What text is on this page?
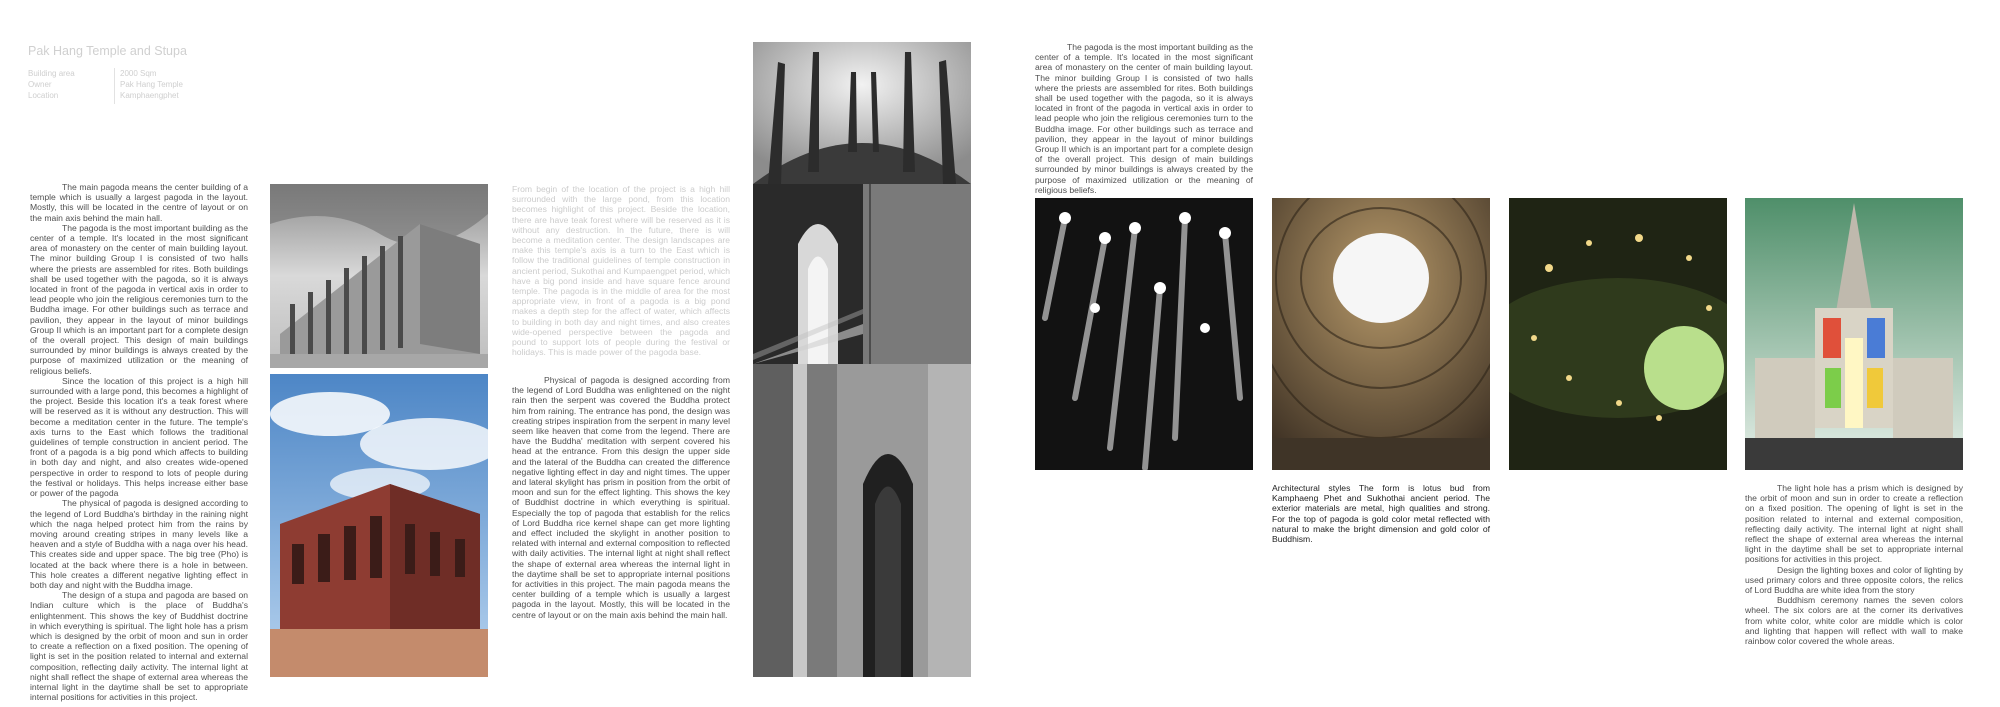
Pak Hang Temple and Stupa
Building area
Owner
Location
2000 Sqm
Pak Hang Temple
Kamphaengphet

The main pagoda means the center building of a temple which is usually a largest pagoda in the layout. Mostly, this will be located in the centre of layout or on the main axis behind the main hall.

The pagoda is the most important building as the center of a temple. It's located in the most significant area of monastery on the center of main building layout. The minor building Group I is consisted of two halls where the priests are assembled for rites. Both buildings shall be used together with the pagoda, so it is always located in front of the pagoda in vertical axis in order to lead people who join the religious ceremonies turn to the Buddha image. For other buildings such as terrace and pavilion, they appear in the layout of minor buildings Group II which is an important part for a complete design of the overall project. This design of main buildings surrounded by minor buildings is always created by the purpose of maximized utilization or the meaning of religious beliefs.

Since the location of this project is a high hill surrounded with a large pond, this becomes a highlight of the project. Beside this location it's a teak forest where will be reserved as it is without any destruction. This will become a meditation center in the future. The temple's axis turns to the East which follows the traditional guidelines of temple construction in ancient period. The front of a pagoda is a big pond which affects to building in both day and night, and also creates wide-opened perspective in order to respond to lots of people during the festival or holidays. This helps increase either base or power of the pagoda

The physical of pagoda is designed according to the legend of Lord Buddha's birthday in the raining night which the naga helped protect him from the rains by moving around creating stripes in many levels like a heaven and a style of Buddha with a naga over his head. This creates side and upper space. The big tree (Pho) is located at the back where there is a hole in between. This hole creates a different negative lighting effect in both day and night with the Buddha image.

The design of a stupa and pagoda are based on Indian culture which is the place of Buddha's enlightenment. This shows the key of Buddhist doctrine in which everything is spiritual. The light hole has a prism which is designed by the orbit of moon and sun in order to create a reflection on a fixed position. The opening of light is set in the position related to internal and external composition, reflecting daily activity. The internal light at night shall reflect the shape of external area whereas the internal light in the daytime shall be set to appropriate internal positions for activities in this project.

From begin of the location of the project is a high hill surrounded with the large pond, from this location becomes highlight of this project. Beside the location, there are have teak forest where will be reserved as it is without any destruction. In the future, there is will become a meditation center. The design landscapes are make this temple's axis is a turn to the East which is follow the traditional guidelines of temple construction in ancient period, Sukothai and Kumpaengpet period, which have a big pond inside and have square fence around temple. The pagoda is in the middle of area for the most appropriate view, in front of a pagoda is a big pond makes a depth step for the affect of water, which affects to building in both day and night times, and also creates wide-opened perspective between the pagoda and pound to support lots of people during the festival or holidays. This is made power of the pagoda base.

Physical of pagoda is designed according from the legend of Lord Buddha was enlightened on the night rain then the serpent was covered the Buddha protect him from raining. The entrance has pond, the design was creating stripes inspiration from the serpent in many level seem like heaven that come from the legend. There are have the Buddha' meditation with serpent covered his head at the entrance. From this design the upper side and the lateral of the Buddha can created the difference negative lighting effect in day and night times. The upper and lateral skylight has prism in position from the orbit of moon and sun for the effect lighting. This shows the key of Buddhist doctrine in which everything is spiritual. Especially the top of pagoda that establish for the relics of Lord Buddha rice kernel shape can get more lighting and effect included the skylight in another position to related with internal and external composition to reflected with daily activities. The internal light at night shall reflect the shape of external area whereas the internal light in the daytime shall be set to appropriate internal positions for activities in this project. The main pagoda means the center building of a temple which is usually a largest pagoda in the layout. Mostly, this will be located in the centre of layout or on the main axis behind the main hall.

The pagoda is the most important building as the center of a temple. It's located in the most significant area of monastery on the center of main building layout. The minor building Group I is consisted of two halls where the priests are assembled for rites. Both buildings shall be used together with the pagoda, so it is always located in front of the pagoda in vertical axis in order to lead people who join the religious ceremonies turn to the Buddha image. For other buildings such as terrace and pavilion, they appear in the layout of minor buildings Group II which is an important part for a complete design of the overall project. This design of main buildings surrounded by minor buildings is always created by the purpose of maximized utilization or the meaning of religious beliefs.

Architectural styles The form is lotus bud from Kamphaeng Phet and Sukhothai ancient period. The exterior materials are metal, high qualities and strong. For the top of pagoda is gold color metal reflected with natural to make the bright dimension and gold color of Buddhism.

The light hole has a prism which is designed by the orbit of moon and sun in order to create a reflection on a fixed position. The opening of light is set in the position related to internal and external composition, reflecting daily activity. The internal light at night shall reflect the shape of external area whereas the internal light in the daytime shall be set to appropriate internal positions for activities in this project.

Design the lighting boxes and color of lighting by used primary colors and three opposite colors, the relics of Lord Buddha are white idea from the story

Buddhism ceremony names the seven colors wheel. The six colors are at the corner its derivatives from white color, white color are middle which is color and lighting that happen will reflect with wall to make rainbow color covered the whole areas.
